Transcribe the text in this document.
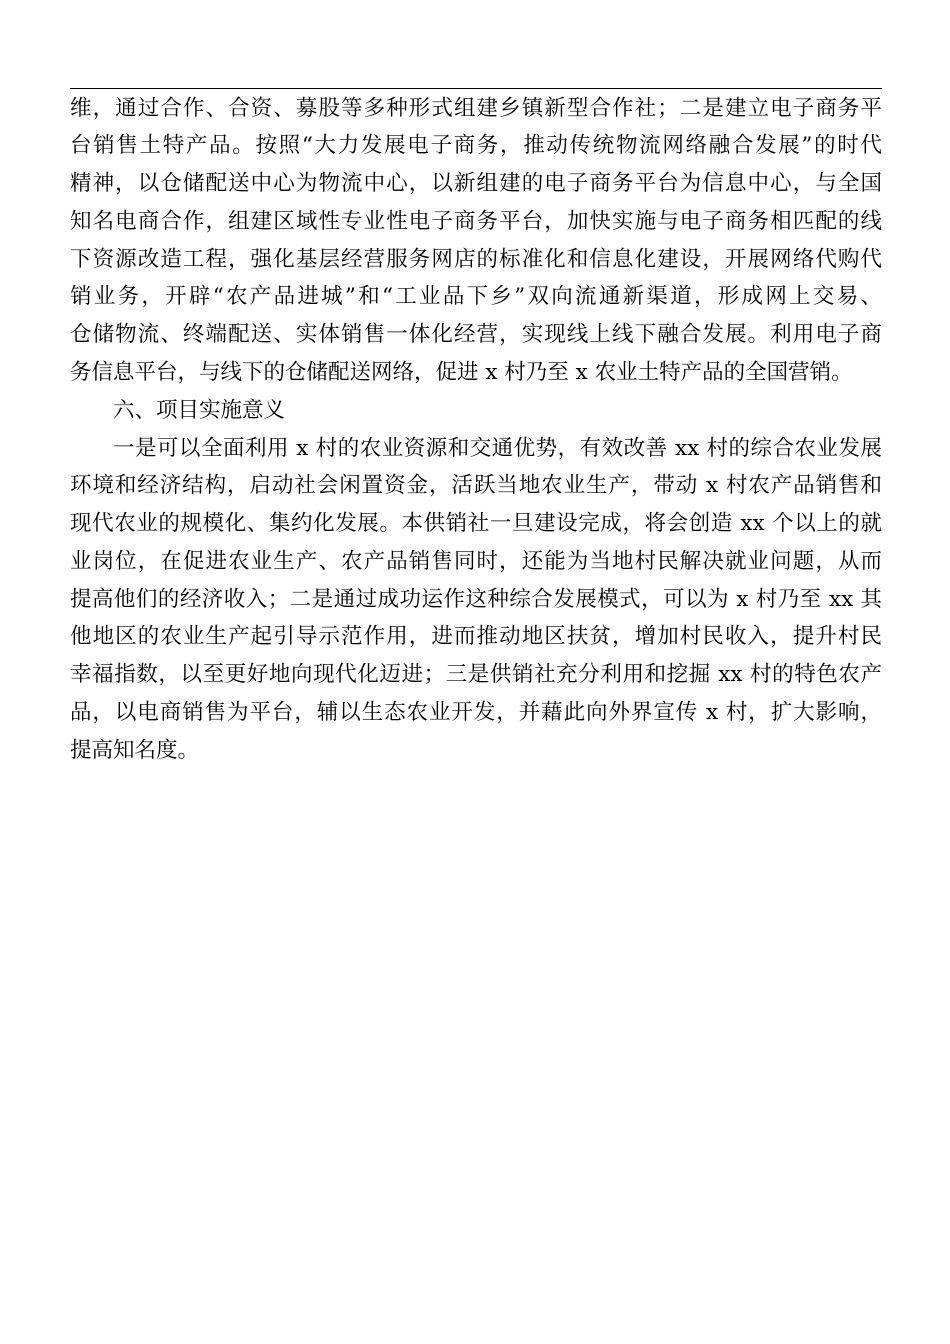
维，通过合作、合资、募股等多种形式组建乡镇新型合作社；二是建立电子商务平
台销售土特产品。按照“大力发展电子商务，推动传统物流网络融合发展”的时代
精神，以仓储配送中心为物流中心，以新组建的电子商务平台为信息中心，与全国
知名电商合作，组建区域性专业性电子商务平台，加快实施与电子商务相匹配的线
下资源改造工程，强化基层经营服务网店的标准化和信息化建设，开展网络代购代
销业务，开辟“农产品进城”和“工业品下乡”双向流通新渠道，形成网上交易、
仓储物流、终端配送、实体销售一体化经营，实现线上线下融合发展。利用电子商
务信息平台，与线下的仓储配送网络，促进 x 村乃至 x 农业土特产品的全国营销。
六、项目实施意义
一是可以全面利用 x 村的农业资源和交通优势，有效改善 xx 村的综合农业发展
环境和经济结构，启动社会闲置资金，活跃当地农业生产，带动 x 村农产品销售和
现代农业的规模化、集约化发展。本供销社一旦建设完成，将会创造 xx 个以上的就
业岗位，在促进农业生产、农产品销售同时，还能为当地村民解决就业问题，从而
提高他们的经济收入；二是通过成功运作这种综合发展模式，可以为 x 村乃至 xx 其
他地区的农业生产起引导示范作用，进而推动地区扶贫，增加村民收入，提升村民
幸福指数，以至更好地向现代化迈进；三是供销社充分利用和挖掘 xx 村的特色农产
品，以电商销售为平台，辅以生态农业开发，并藉此向外界宣传 x 村，扩大影响，
提高知名度。
